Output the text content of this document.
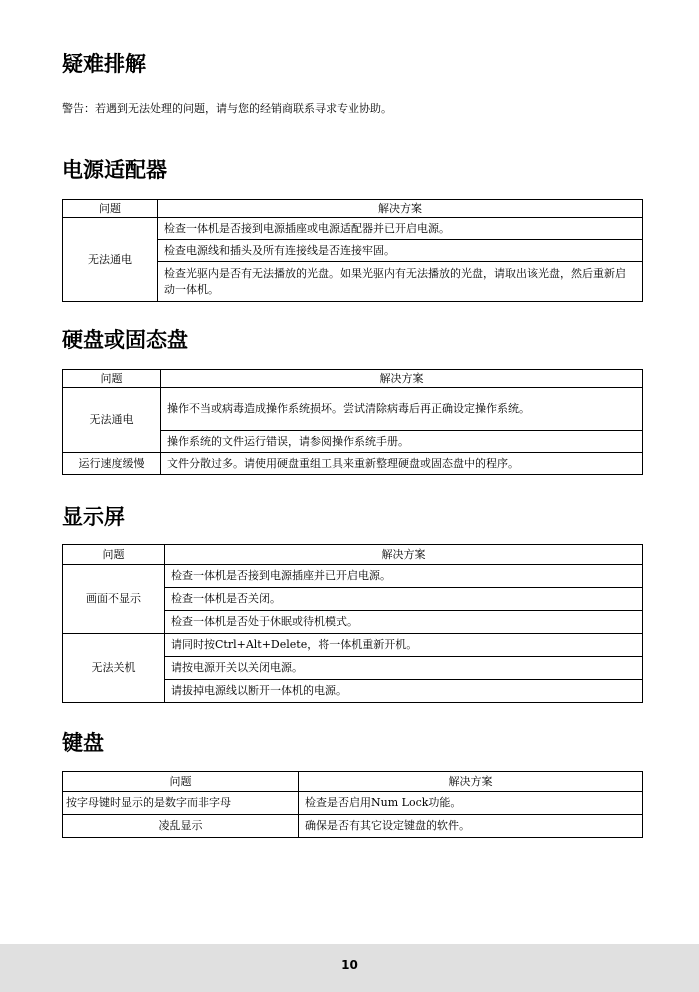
疑难排解
警告：若遇到无法处理的问题，请与您的经销商联系寻求专业协助。
电源适配器
问题	解决方案
无法通电	检查一体机是否接到电源插座或电源适配器并已开启电源。
	检查电源线和插头及所有连接线是否连接牢固。
	检查光驱内是否有无法播放的光盘。如果光驱内有无法播放的光盘，请取出该光盘，然后重新启动一体机。
硬盘或固态盘
问题	解决方案
无法通电	操作不当或病毒造成操作系统损坏。尝试清除病毒后再正确设定操作系统。
	操作系统的文件运行错误，请参阅操作系统手册。
运行速度缓慢	文件分散过多。请使用硬盘重组工具来重新整理硬盘或固态盘中的程序。
显示屏
问题	解决方案
画面不显示	检查一体机是否接到电源插座并已开启电源。
	检查一体机是否关闭。
	检查一体机是否处于休眠或待机模式。
无法关机	请同时按Ctrl+Alt+Delete，将一体机重新开机。
	请按电源开关以关闭电源。
	请拔掉电源线以断开一体机的电源。
键盘
问题	解决方案
按字母键时显示的是数字而非字母	检查是否启用Num Lock功能。
凌乱显示	确保是否有其它设定键盘的软件。
10
